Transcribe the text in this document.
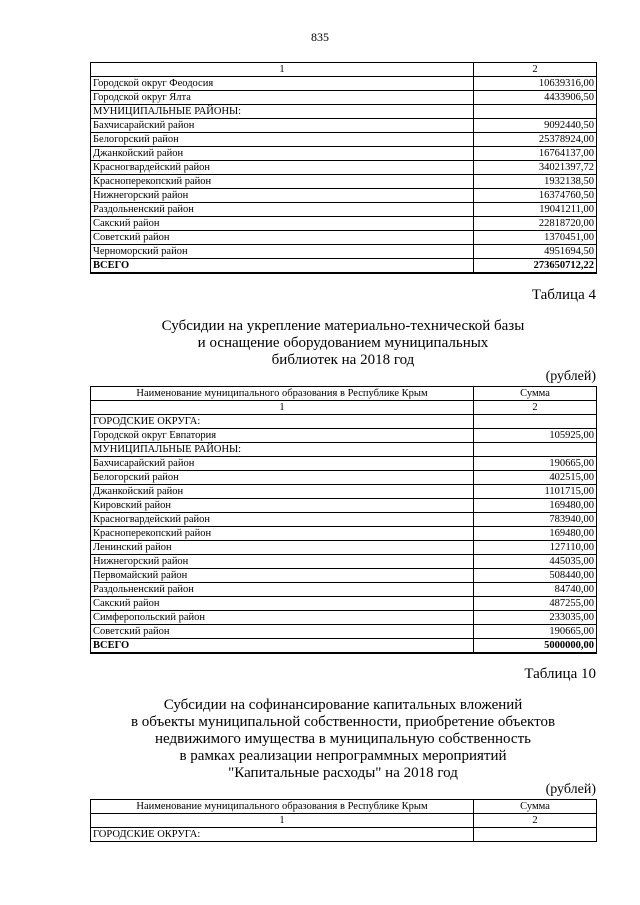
835
1	2
Городской округ Феодосия	10639316,00
Городской округ Ялта	4433906,50
МУНИЦИПАЛЬНЫЕ РАЙОНЫ:	
Бахчисарайский район	9092440,50
Белогорский район	25378924,00
Джанкойский район	16764137,00
Красногвардейский район	34021397,72
Красноперекопский район	1932138,50
Нижнегорский район	16374760,50
Раздольненский район	19041211,00
Сакский район	22818720,00
Советский район	1370451,00
Черноморский район	4951694,50
ВСЕГО	273650712,22
Таблица 4
Субсидии на укрепление материально-технической базы
и оснащение оборудованием муниципальных
библиотек на 2018 год
(рублей)
Наименование муниципального образования в Республике Крым	Сумма
1	2
ГОРОДСКИЕ ОКРУГА:	
Городской округ Евпатория	105925,00
МУНИЦИПАЛЬНЫЕ РАЙОНЫ:	
Бахчисарайский район	190665,00
Белогорский район	402515,00
Джанкойский район	1101715,00
Кировский район	169480,00
Красногвардейский район	783940,00
Красноперекопский район	169480,00
Ленинский район	127110,00
Нижнегорский район	445035,00
Первомайский район	508440,00
Раздольненский район	84740,00
Сакский район	487255,00
Симферопольский район	233035,00
Советский район	190665,00
ВСЕГО	5000000,00
Таблица 10
Субсидии на софинансирование капитальных вложений
в объекты муниципальной собственности, приобретение объектов
недвижимого имущества в муниципальную собственность
в рамках реализации непрограммных мероприятий
"Капитальные расходы" на 2018 год
(рублей)
Наименование муниципального образования в Республике Крым	Сумма
1	2
ГОРОДСКИЕ ОКРУГА:	
